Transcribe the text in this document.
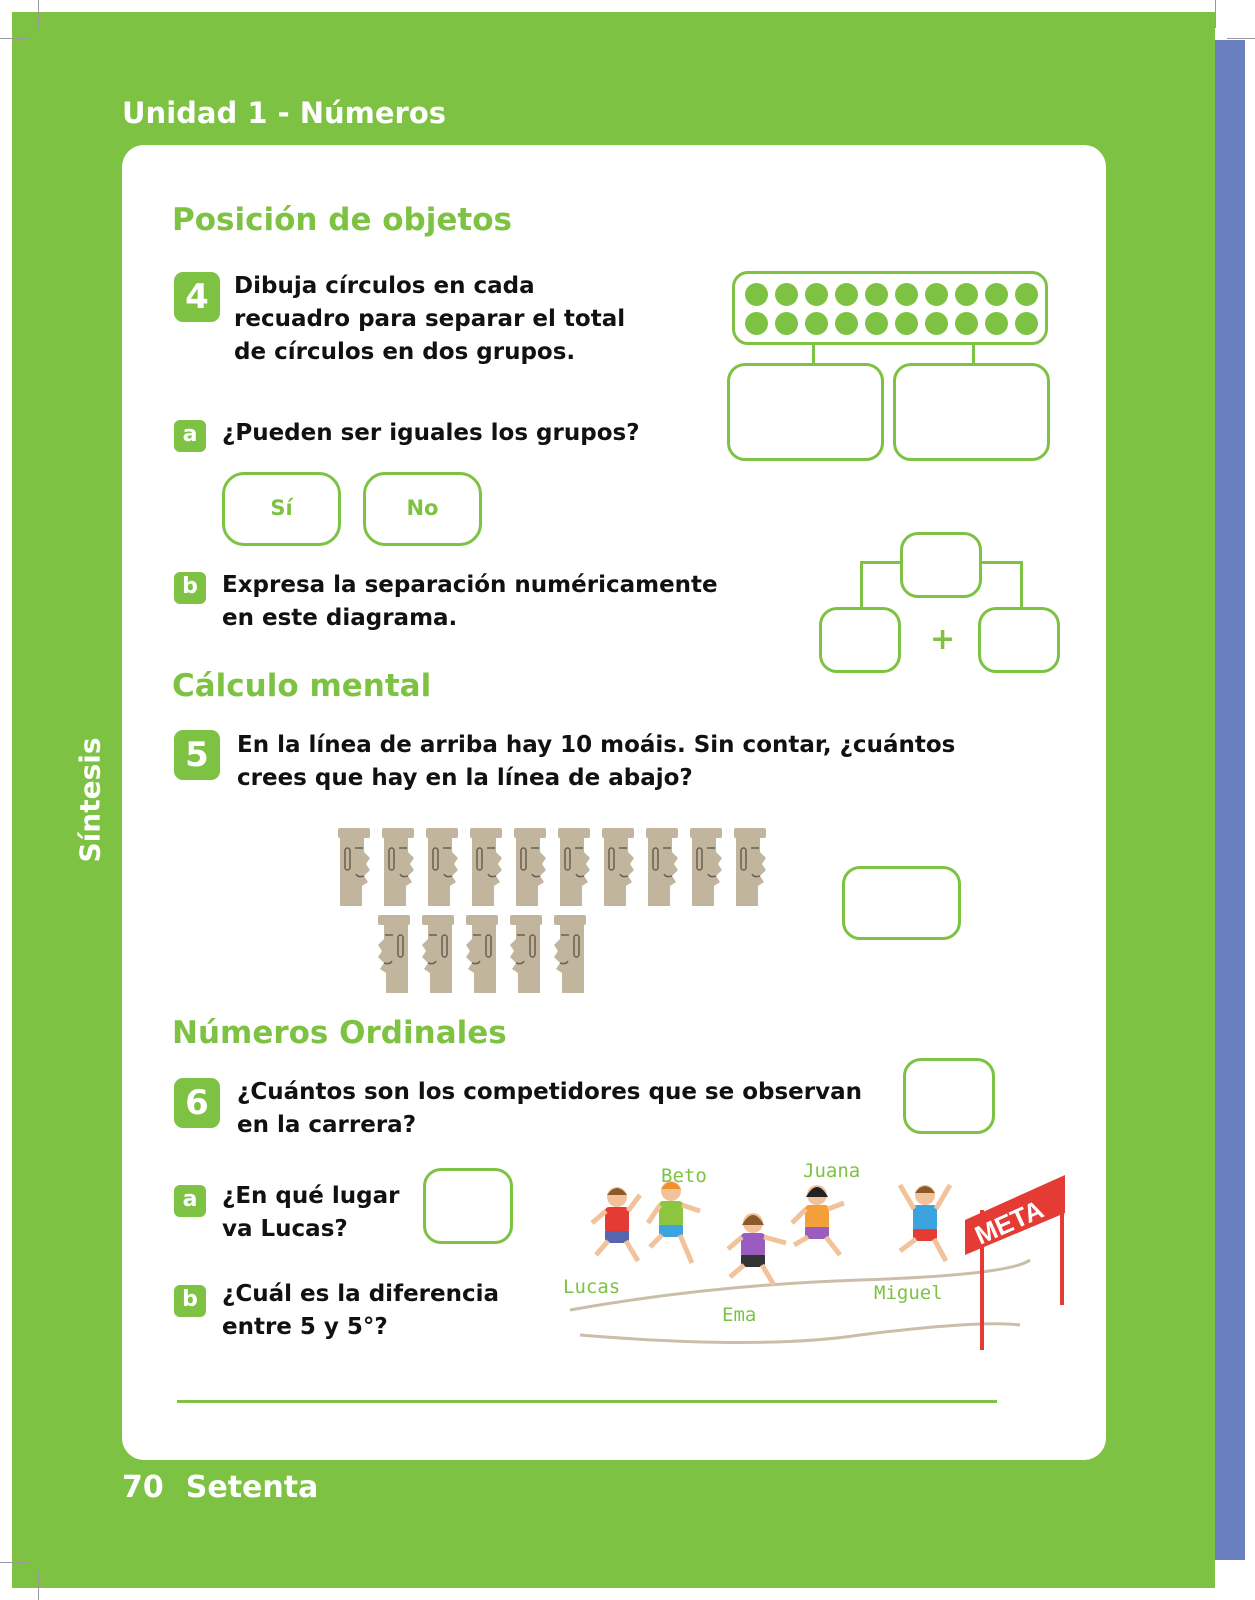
Unidad 1 - Números
Síntesis
Posición de objetos
4	Dibuja círculos en cada recuadro para separar el total de círculos en dos grupos.
a	¿Pueden ser iguales los grupos?
Sí	No
b	Expresa la separación numéricamente en este diagrama.
+
Cálculo mental
5	En la línea de arriba hay 10 moáis. Sin contar, ¿cuántos crees que hay en la línea de abajo?
Números Ordinales
6	¿Cuántos son los competidores que se observan en la carrera?
a	¿En qué lugar va Lucas?
b	¿Cuál es la diferencia entre 5 y 5°?
META
Lucas
Beto
Ema
Juana
Miguel
70 Setenta
